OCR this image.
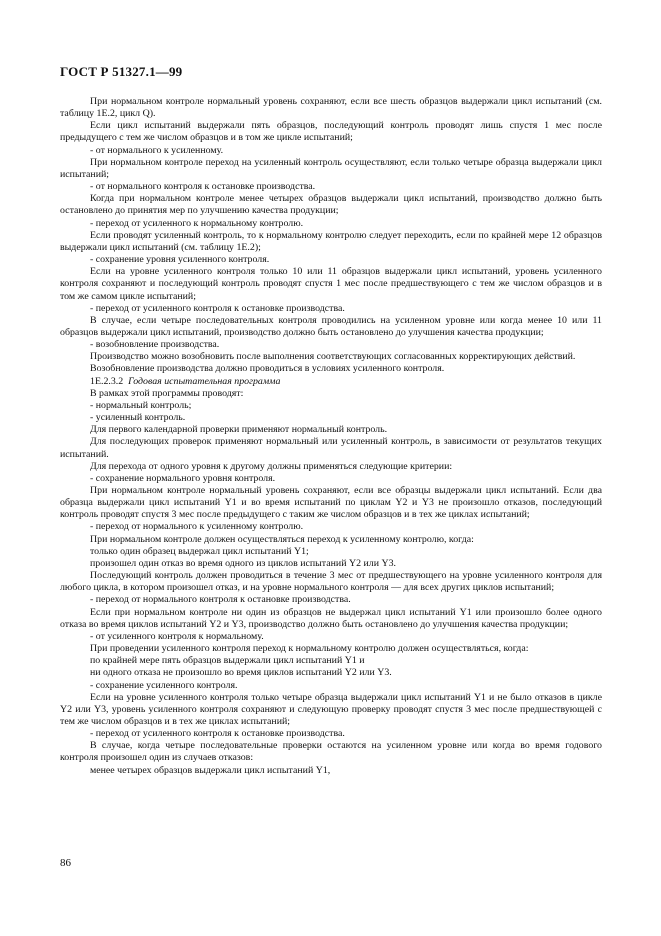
ГОСТ Р 51327.1—99

При нормальном контроле нормальный уровень сохраняют, если все шесть образцов выдержали цикл испытаний (см. таблицу 1Е.2, цикл Q).

Если цикл испытаний выдержали пять образцов, последующий контроль проводят лишь спустя 1 мес после предыдущего с тем же числом образцов и в том же цикле испытаний;

- от нормального к усиленному.

При нормальном контроле переход на усиленный контроль осуществляют, если только четыре образца выдержали цикл испытаний;

- от нормального контроля к остановке производства.

Когда при нормальном контроле менее четырех образцов выдержали цикл испытаний, производство должно быть остановлено до принятия мер по улучшению качества продукции;

- переход от усиленного к нормальному контролю.

Если проводят усиленный контроль, то к нормальному контролю следует переходить, если по крайней мере 12 образцов выдержали цикл испытаний (см. таблицу 1Е.2);

- сохранение уровня усиленного контроля.

Если на уровне усиленного контроля только 10 или 11 образцов выдержали цикл испытаний, уровень усиленного контроля сохраняют и последующий контроль проводят спустя 1 мес после предшествующего с тем же числом образцов и в том же самом цикле испытаний;

- переход от усиленного контроля к остановке производства.

В случае, если четыре последовательных контроля проводились на усиленном уровне или когда менее 10 или 11 образцов выдержали цикл испытаний, производство должно быть остановлено до улучшения качества продукции;

- возобновление производства.

Производство можно возобновить после выполнения соответствующих согласованных корректирующих действий.

Возобновление производства должно проводиться в условиях усиленного контроля.

1Е.2.3.2 Годовая испытательная программа

В рамках этой программы проводят:

- нормальный контроль;

- усиленный контроль.

Для первого календарной проверки применяют нормальный контроль.

Для последующих проверок применяют нормальный или усиленный контроль, в зависимости от результатов текущих испытаний.

Для перехода от одного уровня к другому должны применяться следующие критерии:

- сохранение нормального уровня контроля.

При нормальном контроле нормальный уровень сохраняют, если все образцы выдержали цикл испытаний. Если два образца выдержали цикл испытаний Y1 и во время испытаний по циклам Y2 и Y3 не произошло отказов, последующий контроль проводят спустя 3 мес после предыдущего с таким же числом образцов и в тех же циклах испытаний;

- переход от нормального к усиленному контролю.

При нормальном контроле должен осуществляться переход к усиленному контролю, когда:

только один образец выдержал цикл испытаний Y1;

произошел один отказ во время одного из циклов испытаний Y2 или Y3.

Последующий контроль должен проводиться в течение 3 мес от предшествующего на уровне усиленного контроля для любого цикла, в котором произошел отказ, и на уровне нормального контроля — для всех других циклов испытаний;

- переход от нормального контроля к остановке производства.

Если при нормальном контроле ни один из образцов не выдержал цикл испытаний Y1 или произошло более одного отказа во время циклов испытаний Y2 и Y3, производство должно быть остановлено до улучшения качества продукции;

- от усиленного контроля к нормальному.

При проведении усиленного контроля переход к нормальному контролю должен осуществляться, когда:

по крайней мере пять образцов выдержали цикл испытаний Y1 и

ни одного отказа не произошло во время циклов испытаний Y2 или Y3.

- сохранение усиленного контроля.

Если на уровне усиленного контроля только четыре образца выдержали цикл испытаний Y1 и не было отказов в цикле Y2 или Y3, уровень усиленного контроля сохраняют и следующую проверку проводят спустя 3 мес после предшествующей с тем же числом образцов и в тех же циклах испытаний;

- переход от усиленного контроля к остановке производства.

В случае, когда четыре последовательные проверки остаются на усиленном уровне или когда во время годового контроля произошел один из случаев отказов:

менее четырех образцов выдержали цикл испытаний Y1,

86
